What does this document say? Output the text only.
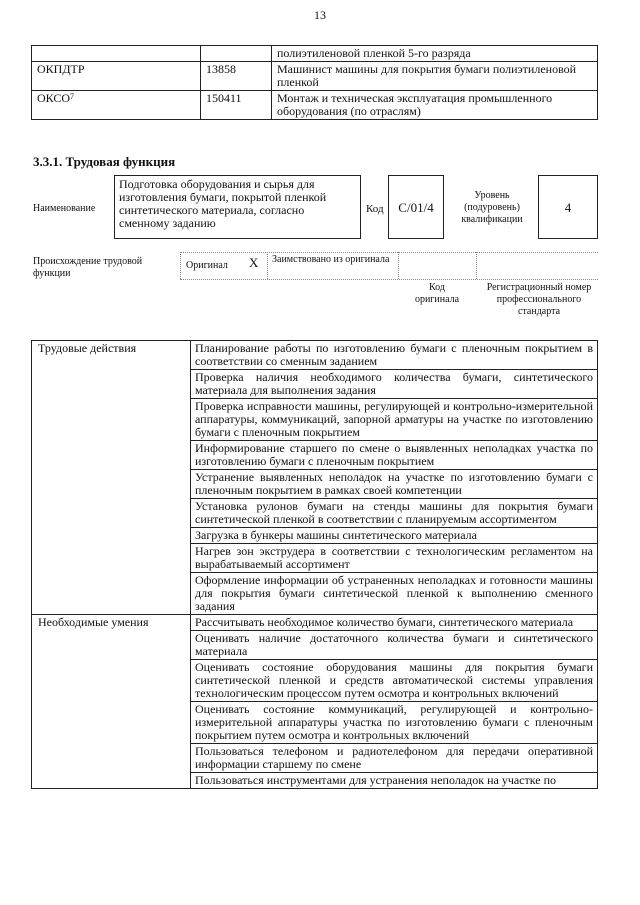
13
		полиэтиленовой пленкой 5-го разряда
ОКПДТР	13858	Машинист машины для покрытия бумаги полиэтиленовой пленкой
ОКСО$^7$	150411	Монтаж и техническая эксплуатация промышленного оборудования (по отраслям)
3.3.1. Трудовая функция
Наименование
Подготовка оборудования и сырья для изготовления бумаги, покрытой пленкой синтетического материала, согласно сменному заданию
Код	C/01/4
Уровень (подуровень) квалификации
4
Происхождение трудовой функции
Оригинал X Заимствовано из оригинала
Код оригинала
Регистрационный номер профессионального стандарта
Трудовые действия	Планирование работы по изготовлению бумаги с пленочным покрытием в соответствии со сменным заданием
	Проверка наличия необходимого количества бумаги, синтетического материала для выполнения задания
	Проверка исправности машины, регулирующей и контрольно-измерительной аппаратуры, коммуникаций, запорной арматуры на участке по изготовлению бумаги с пленочным покрытием
	Информирование старшего по смене о выявленных неполадках участка по изготовлению бумаги с пленочным покрытием
	Устранение выявленных неполадок на участке по изготовлению бумаги с пленочным покрытием в рамках своей компетенции
	Установка рулонов бумаги на стенды машины для покрытия бумаги синтетической пленкой в соответствии с планируемым ассортиментом
	Загрузка в бункеры машины синтетического материала
	Нагрев зон экструдера в соответствии с технологическим регламентом на вырабатываемый ассортимент
	Оформление информации об устраненных неполадках и готовности машины для покрытия бумаги синтетической пленкой к выполнению сменного задания
Необходимые умения	Рассчитывать необходимое количество бумаги, синтетического материала
	Оценивать наличие достаточного количества бумаги и синтетического материала
	Оценивать состояние оборудования машины для покрытия бумаги синтетической пленкой и средств автоматической системы управления технологическим процессом путем осмотра и контрольных включений
	Оценивать состояние коммуникаций, регулирующей и контрольно-измерительной аппаратуры участка по изготовлению бумаги с пленочным покрытием путем осмотра и контрольных включений
	Пользоваться телефоном и радиотелефоном для передачи оперативной информации старшему по смене
	Пользоваться инструментами для устранения неполадок на участке по
